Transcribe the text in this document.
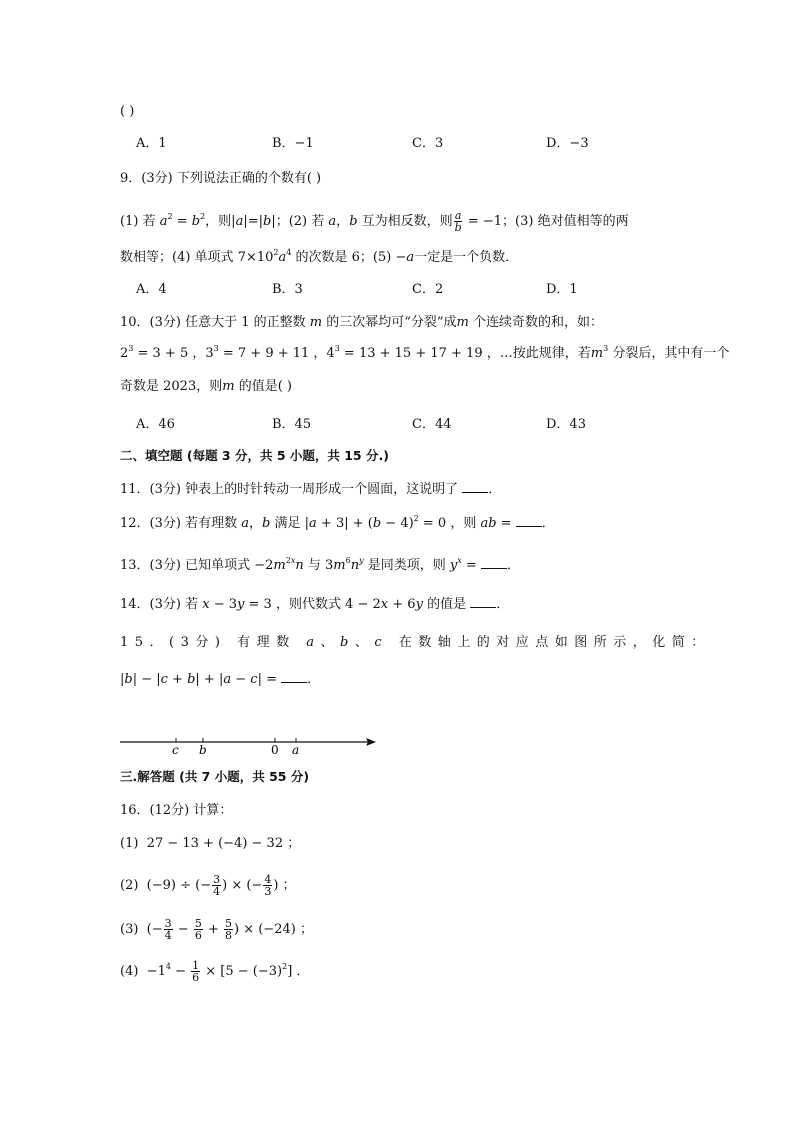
( )
A．1	B．−1	C．3	D．−3
9．(3分) 下列说法正确的个数有( )
(1) 若 $a^2 = b^2$，则|a|=|b|；(2) 若 a，b 互为相反数，则 $\frac{a}{b} = -1$；(3) 绝对值相等的两
数相等；(4) 单项式 $7\times 10^2a^4$ 的次数是 6；(5) −a一定是一个负数．
A．4	B．3	C．2	D．1
10．(3分) 任意大于 1 的正整数 m 的三次幂均可“分裂”成m 个连续奇数的和，如：
$2^3 = 3 + 5$ ，$3^3 = 7 + 9 + 11$ ，$4^3 = 13 + 15 + 17 + 19$ ，…按此规律，若$m^3$ 分裂后，其中有一个
奇数是 2023，则m 的值是( )
A．46	B．45	C．44	D．43
二、填空题 (每题 3 分，共 5 小题，共 15 分.)
11．(3分) 钟表上的时针转动一周形成一个圆面，这说明了 ．
12．(3分) 若有理数 a，b 满足 $|a + 3| + (b - 4)^2 = 0$ ，则 ab = ．
13．(3分) 已知单项式 $-2m^{2x}n$ 与 $3m^6n^y$ 是同类项，则 $y^x$ = ．
14．(3分) 若 x − 3y = 3 ，则代数式 4 − 2x + 6y 的值是 ．
15．(3分) 有理数 a、b、c 在数轴上的对应点如图所示，化简：
|b| − |c + b| + |a − c| = ．
c b	0 a
三.解答题 (共 7 小题，共 55 分)
16．(12分) 计算：
(1)  27 − 13 + (−4) − 32 ；
(2)  (−9) ÷ (− $\frac{3}{4}$ ) × (− $\frac{4}{3}$ ) ；
(3)  (− $\frac{3}{4} - \frac{5}{6} + \frac{5}{8}$ ) × (−24) ；
$(4) -1^4 - \frac{1}{6} \times [5 - (-3)^2]$ ．
